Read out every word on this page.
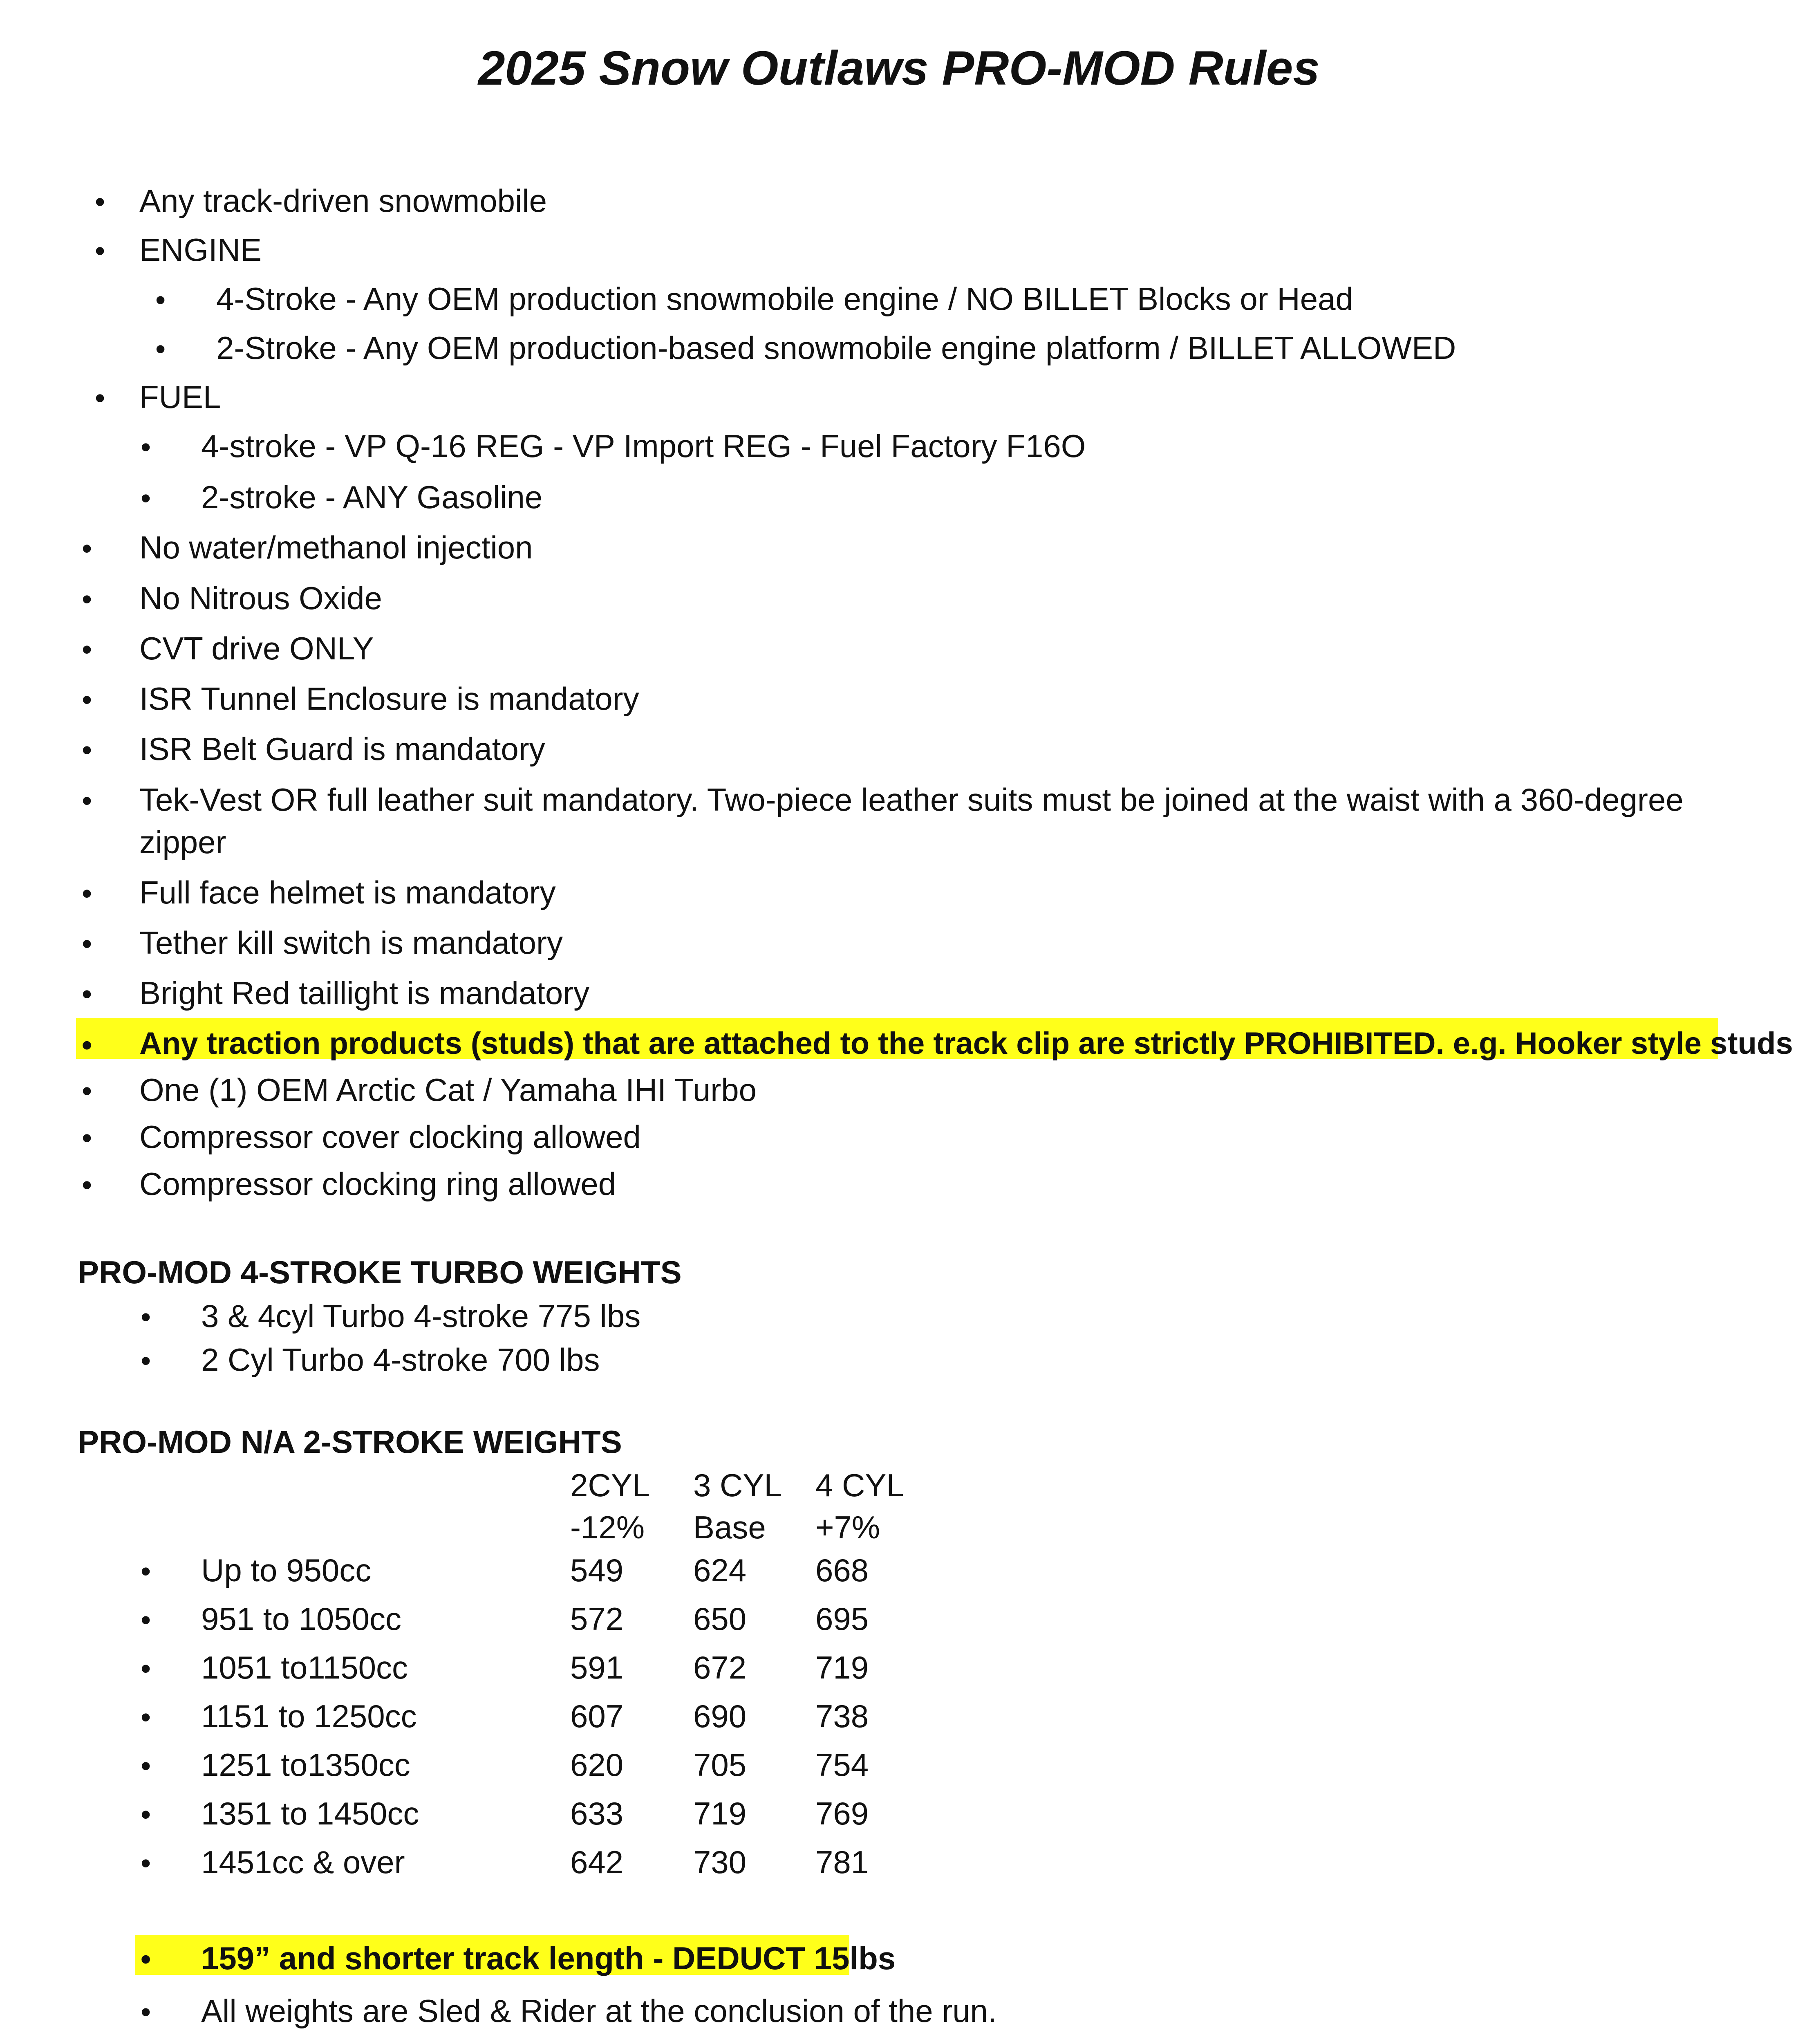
2025 Snow Outlaws PRO-MOD Rules
• Any track-driven snowmobile
• ENGINE
• 4-Stroke - Any OEM production snowmobile engine / NO BILLET Blocks or Head
• 2-Stroke - Any OEM production-based snowmobile engine platform / BILLET ALLOWED
• FUEL
• 4-stroke - VP Q-16 REG - VP Import REG - Fuel Factory F16O
• 2-stroke - ANY Gasoline
• No water/methanol injection
• No Nitrous Oxide
• CVT drive ONLY
• ISR Tunnel Enclosure is mandatory
• ISR Belt Guard is mandatory
• Tek-Vest OR full leather suit mandatory. Two-piece leather suits must be joined at the waist with a 360-degree
zipper
• Full face helmet is mandatory
• Tether kill switch is mandatory
• Bright Red taillight is mandatory
• Any traction products (studs) that are attached to the track clip are strictly PROHIBITED. e.g. Hooker style studs
• One (1) OEM Arctic Cat / Yamaha IHI Turbo
• Compressor cover clocking allowed
• Compressor clocking ring allowed
PRO-MOD 4-STROKE TURBO WEIGHTS
• 3 & 4cyl Turbo 4-stroke 775 lbs
• 2 Cyl Turbo 4-stroke 700 lbs
PRO-MOD N/A 2-STROKE WEIGHTS
2CYL 3 CYL 4 CYL
-12% Base +7%
• Up to 950cc	549 624 668
• 951 to 1050cc	572 650 695
• 1051 to1150cc	591 672 719
• 1151 to 1250cc	607 690 738
• 1251 to1350cc	620 705 754
• 1351 to 1450cc	633 719 769
• 1451cc & over	642 730 781
• 159” and shorter track length - DEDUCT 15lbs
• All weights are Sled & Rider at the conclusion of the run.
